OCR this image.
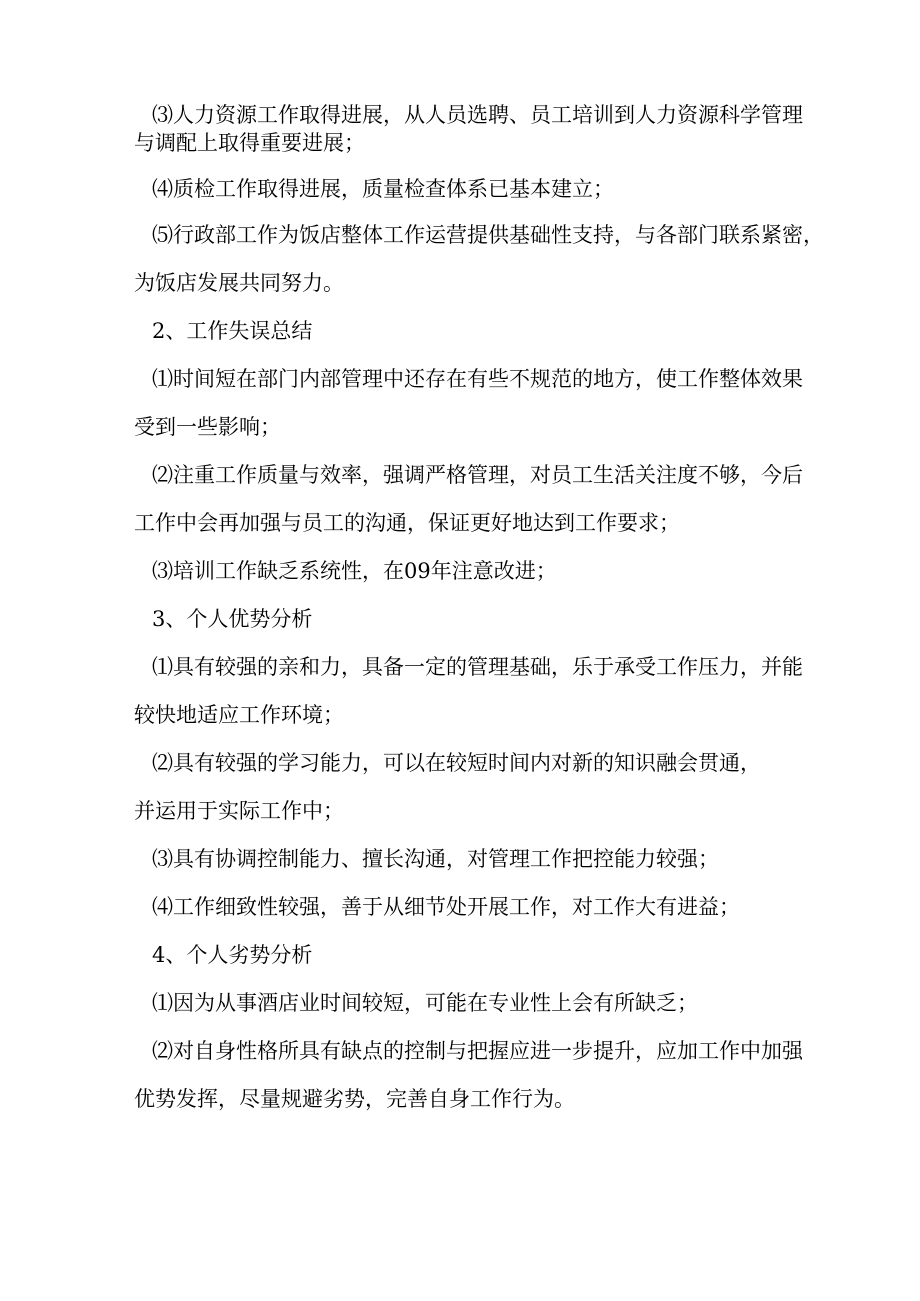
⑶人力资源工作取得进展，从人员选聘、员工培训到人力资源科学管理
与调配上取得重要进展；
⑷质检工作取得进展，质量检查体系已基本建立；
⑸行政部工作为饭店整体工作运营提供基础性支持，与各部门联系紧密，
为饭店发展共同努力。
2、工作失误总结
⑴时间短在部门内部管理中还存在有些不规范的地方，使工作整体效果
受到一些影响；
⑵注重工作质量与效率，强调严格管理，对员工生活关注度不够，今后
工作中会再加强与员工的沟通，保证更好地达到工作要求；
⑶培训工作缺乏系统性，在09年注意改进；
3、个人优势分析
⑴具有较强的亲和力，具备一定的管理基础，乐于承受工作压力，并能
较快地适应工作环境；
⑵具有较强的学习能力，可以在较短时间内对新的知识融会贯通，
并运用于实际工作中；
⑶具有协调控制能力、擅长沟通，对管理工作把控能力较强；
⑷工作细致性较强，善于从细节处开展工作，对工作大有进益；
4、个人劣势分析
⑴因为从事酒店业时间较短，可能在专业性上会有所缺乏；
⑵对自身性格所具有缺点的控制与把握应进一步提升，应加工作中加强
优势发挥，尽量规避劣势，完善自身工作行为。
